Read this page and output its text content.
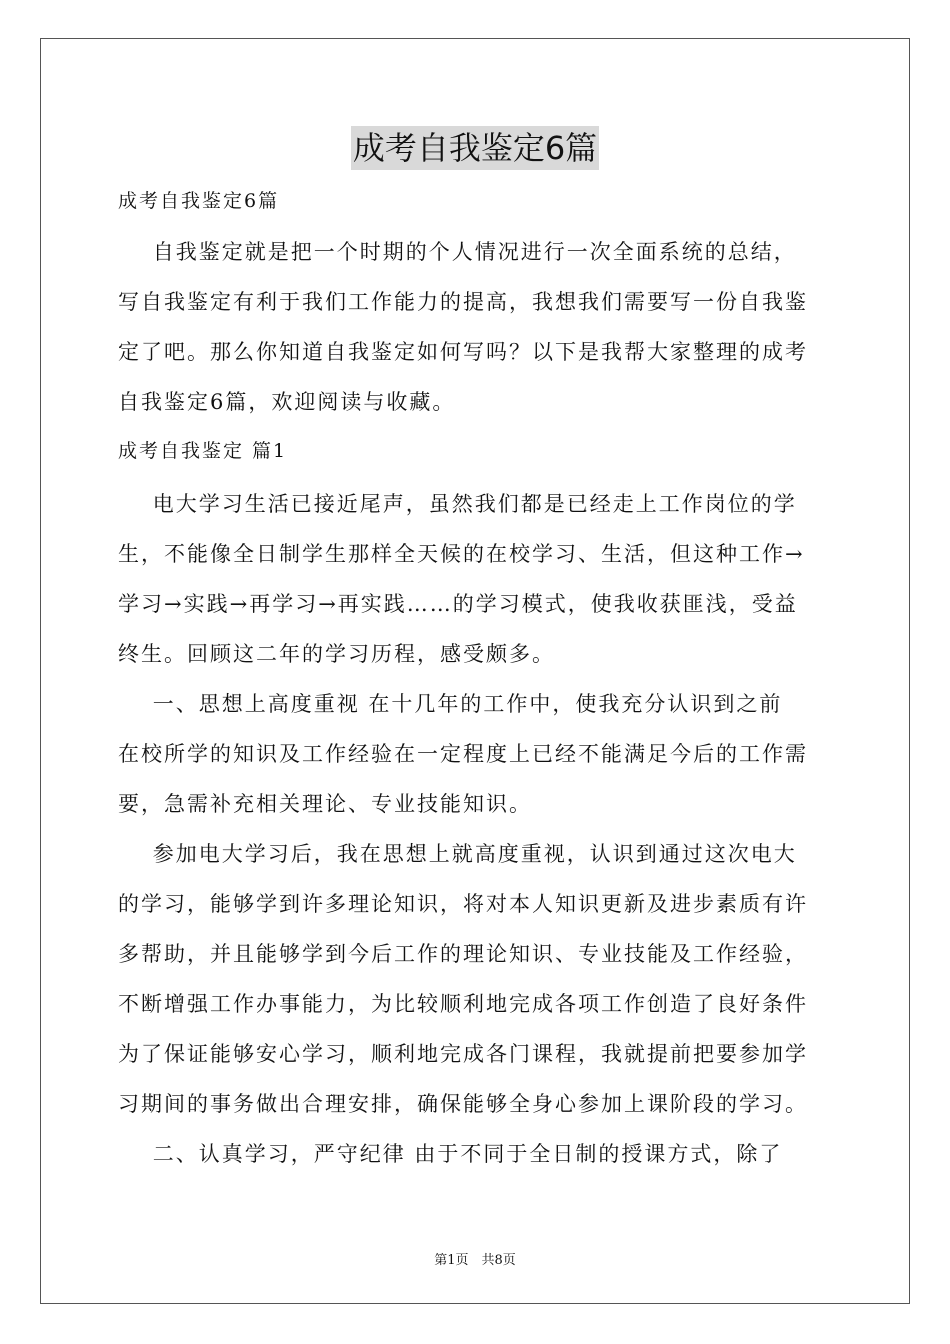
成考自我鉴定6篇
成考自我鉴定6篇
自我鉴定就是把一个时期的个人情况进行一次全面系统的总结，
写自我鉴定有利于我们工作能力的提高，我想我们需要写一份自我鉴
定了吧。那么你知道自我鉴定如何写吗？以下是我帮大家整理的成考
自我鉴定6篇，欢迎阅读与收藏。
成考自我鉴定 篇1
电大学习生活已接近尾声，虽然我们都是已经走上工作岗位的学
生，不能像全日制学生那样全天候的在校学习、生活，但这种工作→
学习→实践→再学习→再实践……的学习模式，使我收获匪浅，受益
终生。回顾这二年的学习历程，感受颇多。
一、思想上高度重视 在十几年的工作中，使我充分认识到之前
在校所学的知识及工作经验在一定程度上已经不能满足今后的工作需
要，急需补充相关理论、专业技能知识。
参加电大学习后，我在思想上就高度重视，认识到通过这次电大
的学习，能够学到许多理论知识，将对本人知识更新及进步素质有许
多帮助，并且能够学到今后工作的理论知识、专业技能及工作经验，
不断增强工作办事能力，为比较顺利地完成各项工作创造了良好条件
为了保证能够安心学习，顺利地完成各门课程，我就提前把要参加学
习期间的事务做出合理安排，确保能够全身心参加上课阶段的学习。
二、认真学习，严守纪律 由于不同于全日制的授课方式，除了
第1页　共8页
